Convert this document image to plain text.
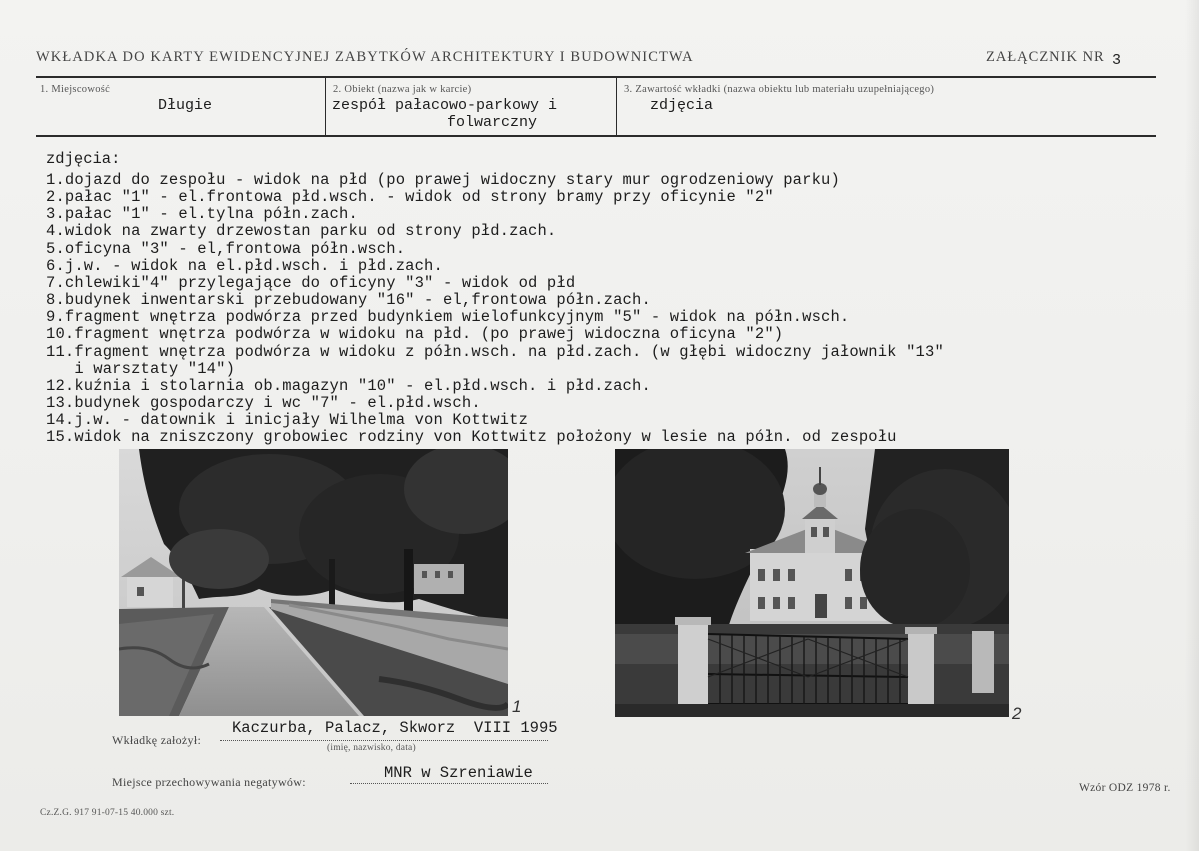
WKŁADKA DO KARTY EWIDENCYJNEJ ZABYTKÓW ARCHITEKTURY I BUDOWNICTWA	ZAŁĄCZNIK NR 3
1. Miejscowość
Długie
2. Obiekt (nazwa jak w karcie)
zespół pałacowo-parkowy i
folwarczny
3. Zawartość wkładki (nazwa obiektu lub materiału uzupełniającego)
zdjęcia
zdjęcia:
1.dojazd do zespołu - widok na płd (po prawej widoczny stary mur ogrodzeniowy parku)
2.pałac "1" - el.frontowa płd.wsch. - widok od strony bramy przy oficynie "2"
3.pałac "1" - el.tylna półn.zach.
4.widok na zwarty drzewostan parku od strony płd.zach.
5.oficyna "3" - el,frontowa półn.wsch.
6.j.w. - widok na el.płd.wsch. i płd.zach.
7.chlewiki"4" przylegające do oficyny "3" - widok od płd
8.budynek inwentarski przebudowany "16" - el,frontowa półn.zach.
9.fragment wnętrza podwórza przed budynkiem wielofunkcyjnym "5" - widok na półn.wsch.
10.fragment wnętrza podwórza w widoku na płd. (po prawej widoczna oficyna "2")
11.fragment wnętrza podwórza w widoku z półn.wsch. na płd.zach. (w głębi widoczny jałownik "13"
i warsztaty "14")
12.kuźnia i stolarnia ob.magazyn "10" - el.płd.wsch. i płd.zach.
13.budynek gospodarczy i wc "7" - el.płd.wsch.
14.j.w. - datownik i inicjały Wilhelma von Kottwitz
15.widok na zniszczony grobowiec rodziny von Kottwitz położony w lesie na półn. od zespołu
1	2
Wkładkę założył:
Kaczurba, Palacz, Skworz  VIII 1995
(imię, nazwisko, data)
Miejsce przechowywania negatywów:	MNR w Szreniawie
Wzór ODZ 1978 r.
Cz.Z.G. 917 91-07-15 40.000 szt.
